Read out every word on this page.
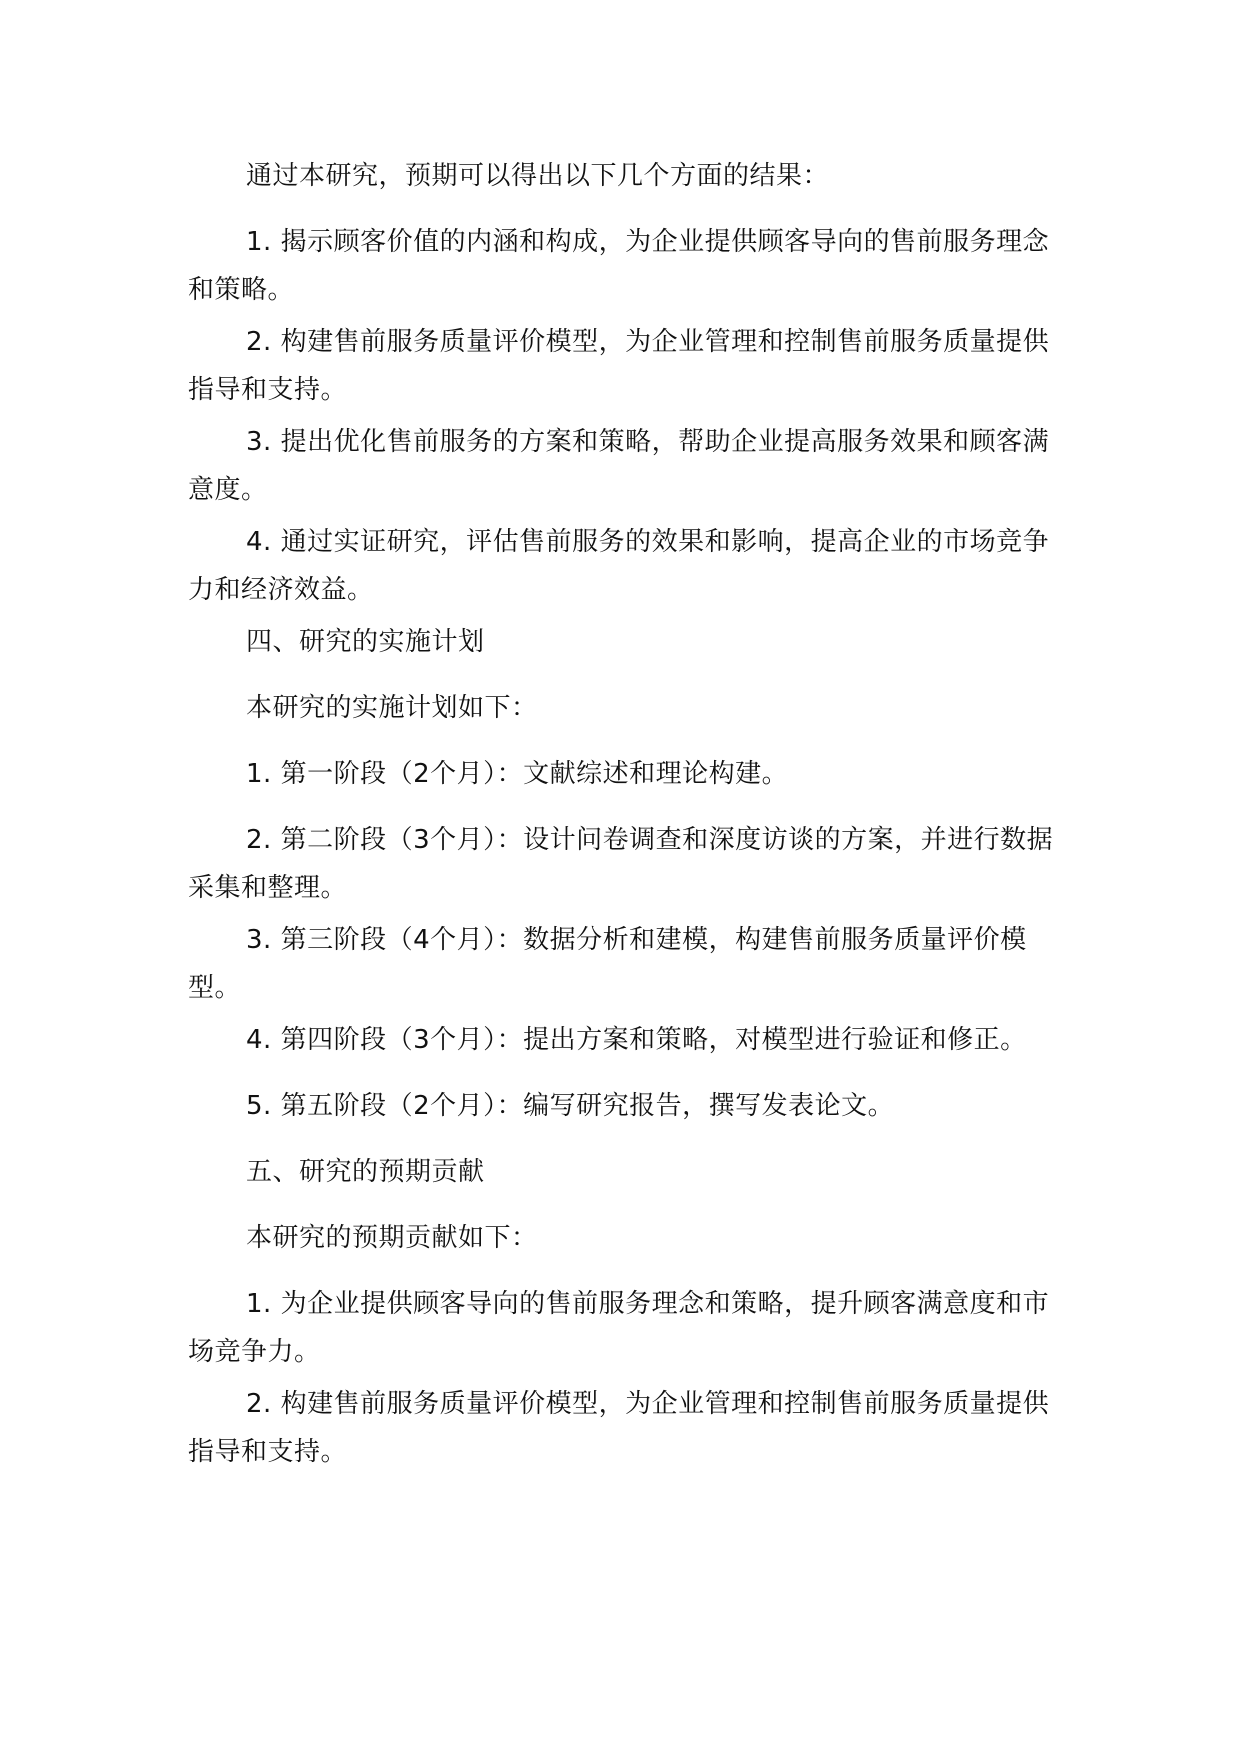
通过本研究，预期可以得出以下几个方面的结果：

1. 揭示顾客价值的内涵和构成，为企业提供顾客导向的售前服务理念和策略。

2. 构建售前服务质量评价模型，为企业管理和控制售前服务质量提供指导和支持。

3. 提出优化售前服务的方案和策略，帮助企业提高服务效果和顾客满意度。

4. 通过实证研究，评估售前服务的效果和影响，提高企业的市场竞争力和经济效益。

四、研究的实施计划

本研究的实施计划如下：

1. 第一阶段（2个月）：文献综述和理论构建。

2. 第二阶段（3个月）：设计问卷调查和深度访谈的方案，并进行数据采集和整理。

3. 第三阶段（4个月）：数据分析和建模，构建售前服务质量评价模型。

4. 第四阶段（3个月）：提出方案和策略，对模型进行验证和修正。

5. 第五阶段（2个月）：编写研究报告，撰写发表论文。

五、研究的预期贡献

本研究的预期贡献如下：

1. 为企业提供顾客导向的售前服务理念和策略，提升顾客满意度和市场竞争力。

2. 构建售前服务质量评价模型，为企业管理和控制售前服务质量提供指导和支持。
